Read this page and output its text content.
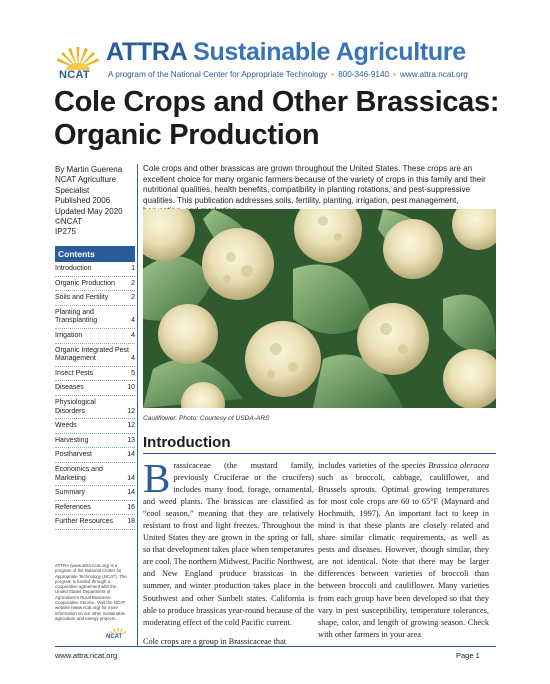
NCAT
ATTRA Sustainable Agriculture
A program of the National Center for Appropriate Technology • 800-346-9140 • www.attra.ncat.org
Cole Crops and Other Brassicas:
Organic Production
By Martin Guerena
NCAT Agriculture
Specialist
Published 2006
Updated May 2020
©NCAT
IP275
Contents
Introduction	1
Organic Production	2
Soils and Fertility	2
Planting and Transplanting	4
Irrigation	4
Organic Integrated Pest Management	4
Insect Pests	5
Diseases	10
Physiological Disorders	12
Weeds	12
Harvesting	13
Postharvest	14
Economics and Marketing	14
Summary	14
References	16
Further Resources	18
ATTRA (www.attra.ncat.org) is a program of the National Center for Appropriate Technology (NCAT). The program is funded through a cooperative agreement with the United States Department of Agriculture's Rural Business-Cooperative Service. Visit the NCAT website (www.ncat.org) for more information on our other sustainable agriculture and energy projects.
NCAT
Cole crops and other brassicas are grown throughout the United States. These crops are an excellent choice for many organic farmers because of the variety of crops in this family and their nutritional qualities, health benefits, compatibility in planting rotations, and pest-suppressive qualities. This publication addresses soils, fertility, planting, irrigation, pest management,
Cauliflower. Photo: Courtesy of USDA-ARS
Introduction

Brassicaceae (the mustard family, previously Cruciferae or the crucifers) includes many food, forage, ornamental, and weed plants. The brassicas are classified as “cool season,” meaning that they are relatively resistant to frost and light freezes. Throughout the United States they are grown in the spring or fall, so that development takes place when temperatures are cool. The northern Midwest, Pacific Northwest, and New England produce brassicas in the summer, and winter production takes place in the Southwest and other Sunbelt states. California is able to produce brassicas year-round because of the moderating effect of the cold Pacific current.

Cole crops are a group in Brassicaceae that

includes varieties of the species Brassica oleracea such as broccoli, cabbage, cauliflower, and Brussels sprouts. Optimal growing temperatures for most cole crops are 60 to 65°F (Maynard and Hochmuth, 1997). An important fact to keep in mind is that these plants are closely related and share similar climatic requirements, as well as pests and diseases. However, though similar, they are not identical. Note that there may be larger differences between varieties of broccoli than between broccoli and cauliflower. Many varieties from each group have been developed so that they vary in pest susceptibility, temperature tolerances, shape, color, and length of growing season. Check with other farmers in your area

www.attra.ncat.org	Page 1
